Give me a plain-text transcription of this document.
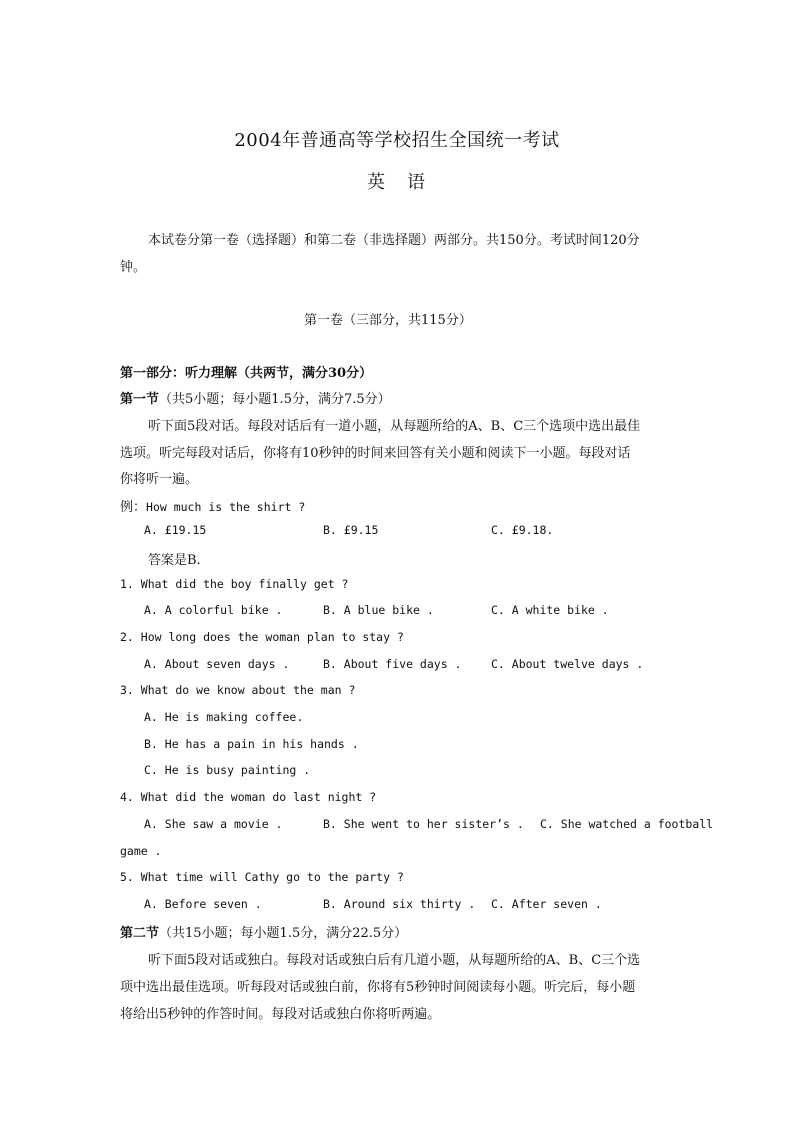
2004年普通高等学校招生全国统一考试
英　语
本试卷分第一卷（选择题）和第二卷（非选择题）两部分。共150分。考试时间120分
钟。
第一卷（三部分，共115分）
第一部分：听力理解（共两节，满分30分）
第一节（共5小题；每小题1.5分，满分7.5分）
听下面5段对话。每段对话后有一道小题，从每题所给的A、B、C三个选项中选出最佳
选项。听完每段对话后，你将有10秒钟的时间来回答有关小题和阅读下一小题。每段对话
你将听一遍。
例：How much is the shirt ?
A. £19.15	B. £9.15	C. £9.18.
答案是B.
1. What did the boy finally get ?
A. A colorful bike .	B. A blue bike .	C. A white bike .
2. How long does the woman plan to stay ?
A. About seven days .	B. About five days .	C. About twelve days .
3. What do we know about the man ?
A. He is making coffee.
B. He has a pain in his hands .
C. He is busy painting .
4. What did the woman do last night ?
A. She saw a movie .	B. She went to her sister’s . C. She watched a football
game .
5. What time will Cathy go to the party ?
A. Before seven .	B. Around six thirty . C. After seven .
第二节（共15小题；每小题1.5分，满分22.5分）
听下面5段对话或独白。每段对话或独白后有几道小题，从每题所给的A、B、C三个选
项中选出最佳选项。听每段对话或独白前，你将有5秒钟时间阅读每小题。听完后，每小题
将给出5秒钟的作答时间。每段对话或独白你将听两遍。
